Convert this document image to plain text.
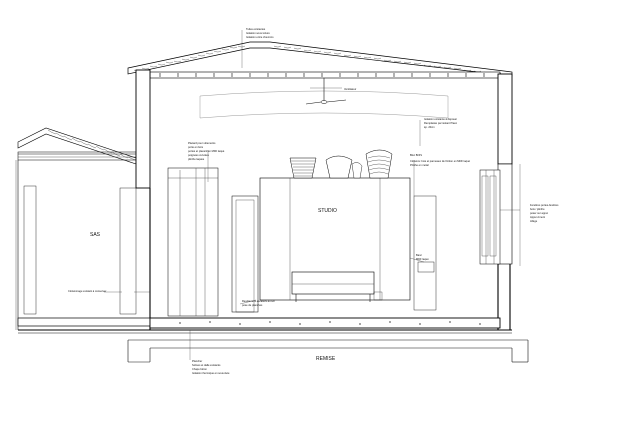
SAS
STUDIO
REMISE
Tuiles existantes
Isolation sous toiture
Isolation entre chevrons
Ventilateur
Isolation existante à déposer
Remplacée par isolant Placo
ép. 20cm
Placard pour vêtements
porte en bois
portes et placard en MDF laqué
poignées cuivrées
plinthe laquée
Bloc BOIS
Cloisons: bois et panneaux de finition en MDF laqué
Plinthe en métal
Fenêtres portes-fenêtres
bois / plinthe
poser sur appui
Appui ciment
Allège
Banc
MDF laqué
Revêtement escaliers au sol
pose de planches
Cloisonnage existant à conserver
Plancher
Solives et dalle existants
Chape béton
Isolation thermique en sous-face
